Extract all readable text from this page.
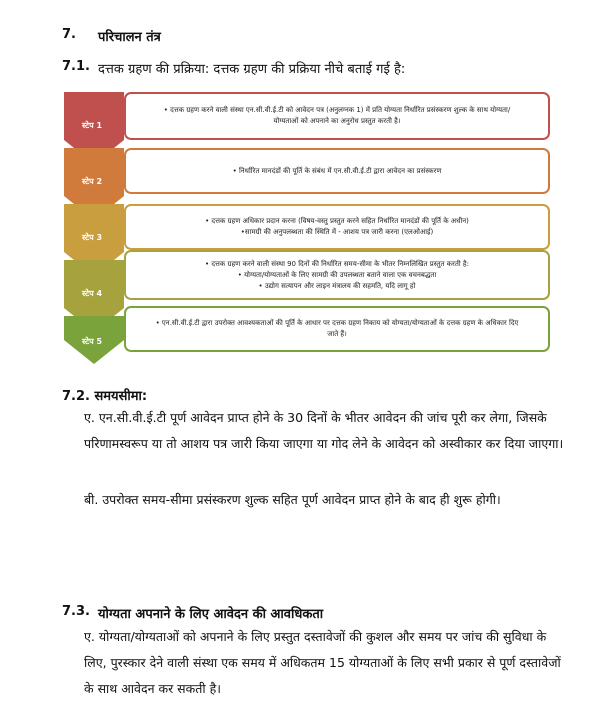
7. परिचालन तंत्र
7.1. दत्तक ग्रहण की प्रक्रिया: दत्तक ग्रहण की प्रक्रिया नीचे बताई गई है:
स्टेप 1
स्टेप 2
स्टेप 3
स्टेप 4
स्टेप 5
• दत्तक ग्रहण करने वाली संस्था एन.सी.वी.ई.टी को आवेदन पत्र (अनुलग्नक 1) में प्रति योग्यता निर्धारित प्रसंस्करण शुल्क के साथ योग्यता/
योग्यताओं को अपनाने का अनुरोध प्रस्तुत करती है।
• निर्धारित मानदंडों की पूर्ति के संबंध में एन.सी.वी.ई.टी द्वारा आवेदन का प्रसंस्करण
• दत्तक ग्रहण अधिकार प्रदान करना (विषय-वस्तु प्रस्तुत करने सहित निर्धारित मानदंडों की पूर्ति के अधीन)
•सामग्री की अनुपलब्धता की स्थिति में - आशय पत्र जारी करना (एलओआई)
• दत्तक ग्रहण करने वाली संस्था 90 दिनों की निर्धारित समय-सीमा के भीतर निम्नलिखित प्रस्तुत करती है:
• योग्यता/योग्यताओं के लिए सामग्री की उपलब्धता बताने वाला एक वचनबद्धता
• उद्योग सत्यापन और लाइन मंत्रालय की सहमति, यदि लागू हो
• एन.सी.वी.ई.टी द्वारा उपरोक्त आवश्यकताओं की पूर्ति के आधार पर दत्तक ग्रहण निकाय को योग्यता/योग्यताओं के दत्तक ग्रहण के अधिकार दिए
जाते हैं।
7.2. समयसीमा:
ए. एन.सी.वी.ई.टी पूर्ण आवेदन प्राप्त होने के 30 दिनों के भीतर आवेदन की जांच पूरी कर लेगा, जिसके परिणामस्वरूप या तो आशय पत्र जारी किया जाएगा या गोद लेने के आवेदन को अस्वीकार कर दिया जाएगा।
बी. उपरोक्त समय-सीमा प्रसंस्करण शुल्क सहित पूर्ण आवेदन प्राप्त होने के बाद ही शुरू होगी।
7.3. योग्यता अपनाने के लिए आवेदन की आवधिकता
ए. योग्यता/योग्यताओं को अपनाने के लिए प्रस्तुत दस्तावेजों की कुशल और समय पर जांच की सुविधा के लिए, पुरस्कार देने वाली संस्था एक समय में अधिकतम 15 योग्यताओं के लिए सभी प्रकार से पूर्ण दस्तावेजों के साथ आवेदन कर सकती है।
